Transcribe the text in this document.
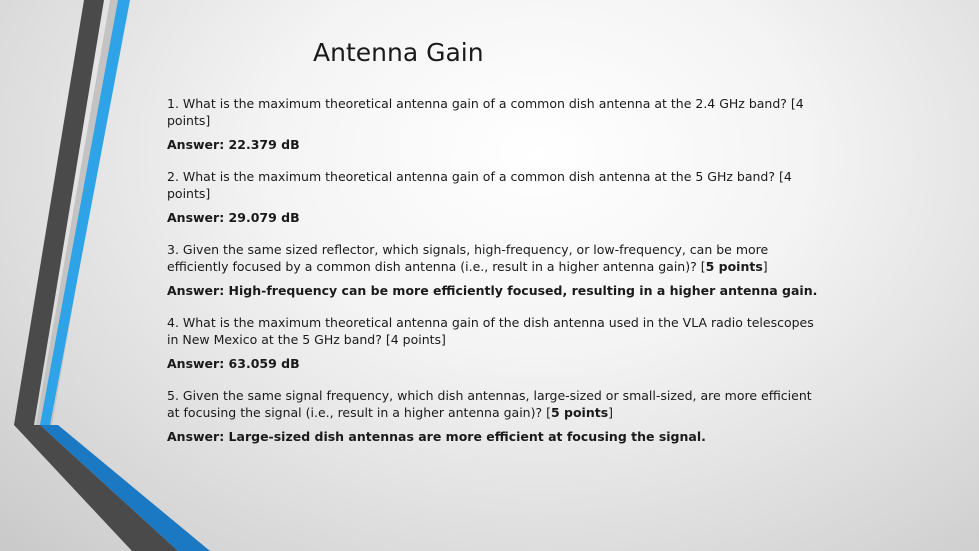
Antenna Gain

1. What is the maximum theoretical antenna gain of a common dish antenna at the 2.4 GHz band? [4 points]

Answer: 22.379 dB

2. What is the maximum theoretical antenna gain of a common dish antenna at the 5 GHz band? [4 points]

Answer: 29.079 dB

3. Given the same sized reflector, which signals, high-frequency, or low-frequency, can be more efficiently focused by a common dish antenna (i.e., result in a higher antenna gain)? [5 points]

Answer: High-frequency can be more efficiently focused, resulting in a higher antenna gain.

4. What is the maximum theoretical antenna gain of the dish antenna used in the VLA radio telescopes in New Mexico at the 5 GHz band? [4 points]

Answer: 63.059 dB

5. Given the same signal frequency, which dish antennas, large-sized or small-sized, are more efficient at focusing the signal (i.e., result in a higher antenna gain)? [5 points]

Answer: Large-sized dish antennas are more efficient at focusing the signal.
